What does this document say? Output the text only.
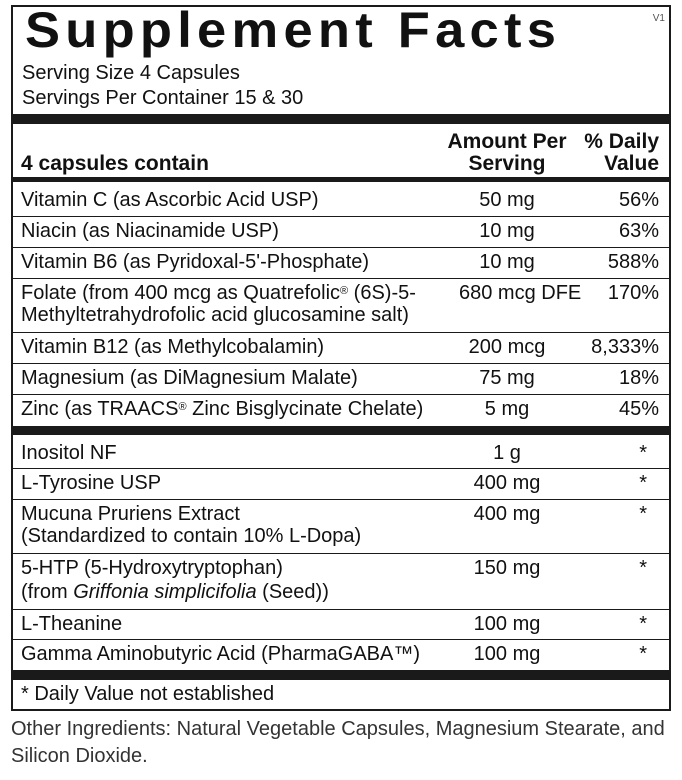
Supplement Facts	V1
Serving Size 4 Capsules
Servings Per Container 15 & 30
4 capsules contain
Amount Per
Serving
% Daily
Value
Vitamin C (as Ascorbic Acid USP)	50 mg	56%
Niacin (as Niacinamide USP)	10 mg	63%
Vitamin B6 (as Pyridoxal-5'-Phosphate)	10 mg	588%
Folate (from 400 mcg as Quatrefolic® (6S)-5-
Methyltetrahydrofolic acid glucosamine salt)
680 mcg DFE 170%
Vitamin B12 (as Methylcobalamin)	200 mcg	8,333%
Magnesium (as DiMagnesium Malate)	75 mg	18%
Zinc (as TRAACS® Zinc Bisglycinate Chelate)	5 mg	45%
Inositol NF	1 g	*
L-Tyrosine USP	400 mg	*
Mucuna Pruriens Extract
(Standardized to contain 10% L-Dopa)
400 mg	*
5-HTP (5-Hydroxytryptophan)
(from Griffonia simplicifolia (Seed))
150 mg	*
L-Theanine	100 mg	*
Gamma Aminobutyric Acid (PharmaGABA™)	100 mg	*
* Daily Value not established
Other Ingredients: Natural Vegetable Capsules, Magnesium Stearate, and Silicon Dioxide.
